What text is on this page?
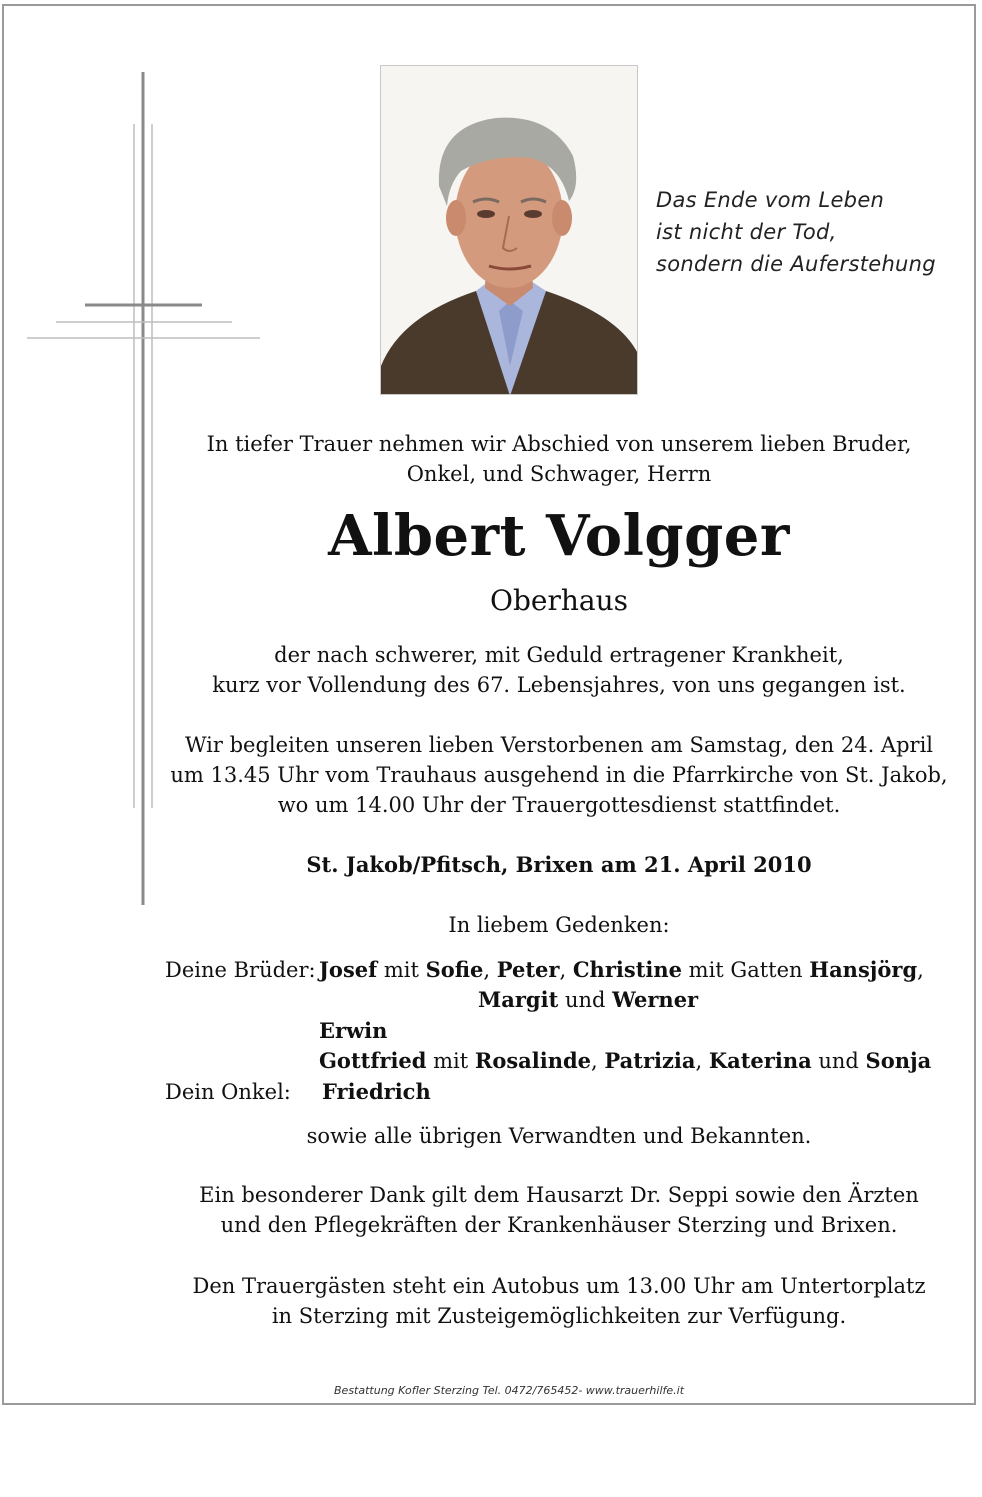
Das Ende vom Leben
ist nicht der Tod,
sondern die Auferstehung
In tiefer Trauer nehmen wir Abschied von unserem lieben Bruder,
Onkel, und Schwager, Herrn
Albert Volgger
Oberhaus
der nach schwerer, mit Geduld ertragener Krankheit,
kurz vor Vollendung des 67. Lebensjahres, von uns gegangen ist.
Wir begleiten unseren lieben Verstorbenen am Samstag, den 24. April
um 13.45 Uhr vom Trauhaus ausgehend in die Pfarrkirche von St. Jakob,
wo um 14.00 Uhr der Trauergottesdienst stattfindet.
St. Jakob/Pfitsch, Brixen am 21. April 2010
In liebem Gedenken:
Deine Brüder: Josef mit Sofie, Peter, Christine mit Gatten Hansjörg,
Margit und Werner
Erwin
Gottfried mit Rosalinde, Patrizia, Katerina und Sonja
Dein Onkel: Friedrich
sowie alle übrigen Verwandten und Bekannten.
Ein besonderer Dank gilt dem Hausarzt Dr. Seppi sowie den Ärzten
und den Pflegekräften der Krankenhäuser Sterzing und Brixen.
Den Trauergästen steht ein Autobus um 13.00 Uhr am Untertorplatz
in Sterzing mit Zusteigemöglichkeiten zur Verfügung.
Bestattung Kofler Sterzing Tel. 0472/765452- www.trauerhilfe.it
